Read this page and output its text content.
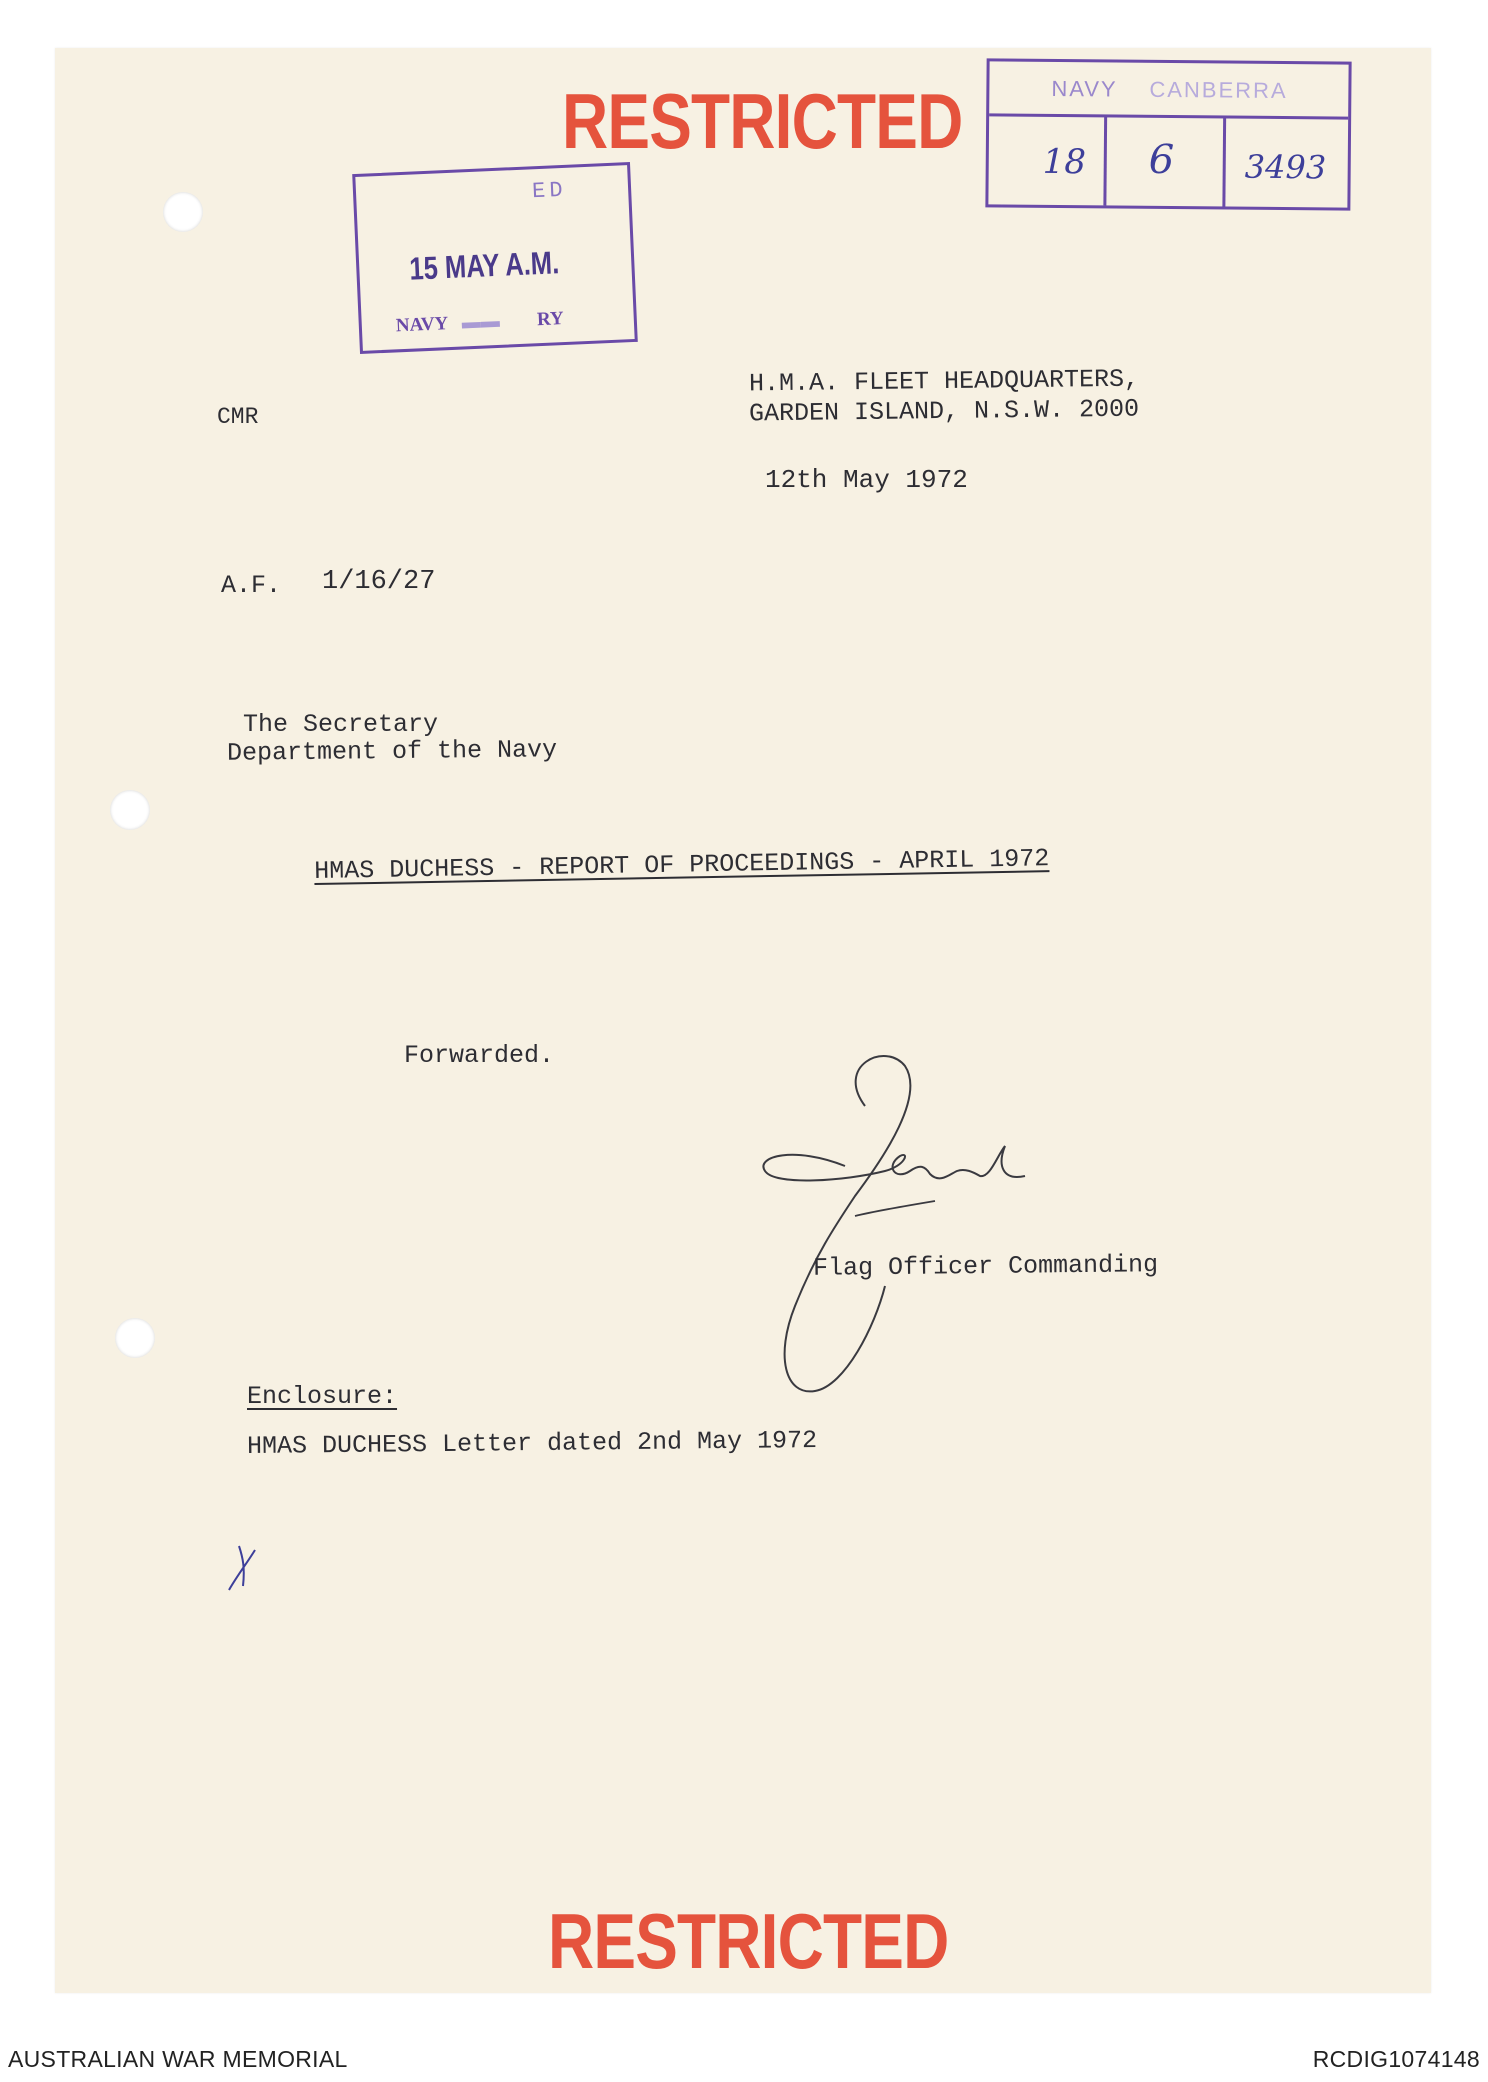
RESTRICTED
ED
15 MAY A.M.
NAVY   ▬▬ RY
NAVY CANBERRA
18 6 3493
CMR
H.M.A. FLEET HEADQUARTERS,
GARDEN ISLAND, N.S.W. 2000
12th May 1972
A.F. 1/16/27
The Secretary
Department of the Navy
HMAS DUCHESS - REPORT OF PROCEEDINGS - APRIL 1972
Forwarded.
Flag Officer Commanding
Enclosure:
HMAS DUCHESS Letter dated 2nd May 1972
RESTRICTED
AUSTRALIAN WAR MEMORIAL	RCDIG1074148
